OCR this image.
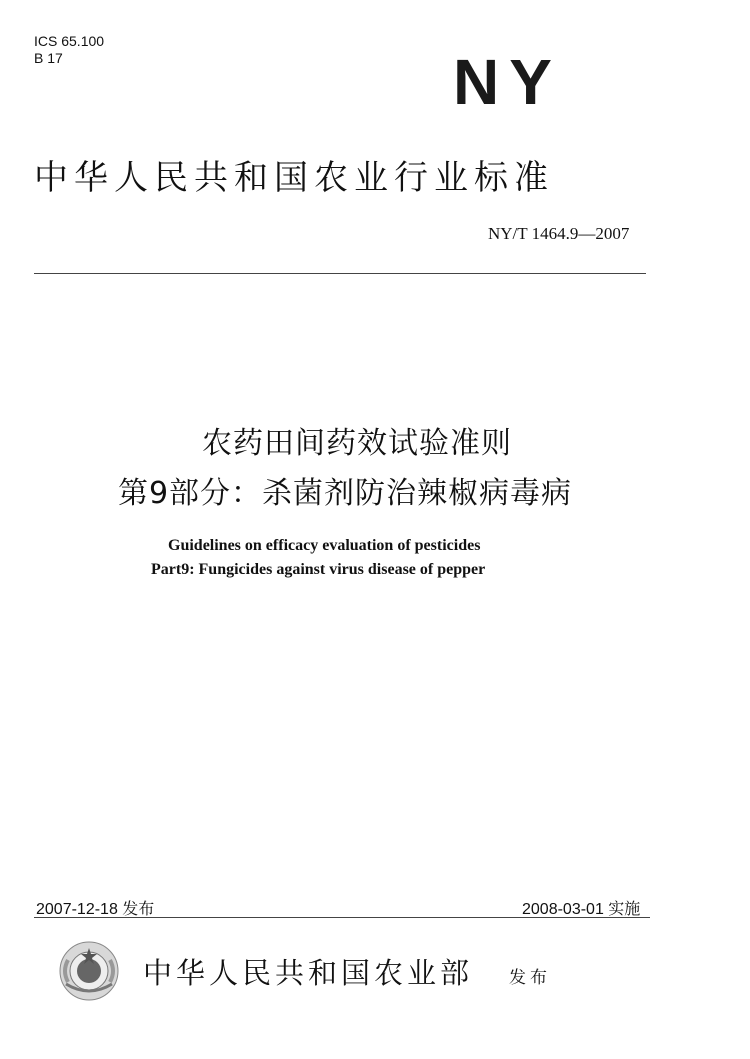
ICS 65.100
B 17	NY
中华人民共和国农业行业标准
NY/T 1464.9—2007
农药田间药效试验准则
第9部分：杀菌剂防治辣椒病毒病
Guidelines on efficacy evaluation of pesticides
Part9: Fungicides against virus disease of pepper
2007-12-18 发布	2008-03-01 实施
中华人民共和国农业部 发布
